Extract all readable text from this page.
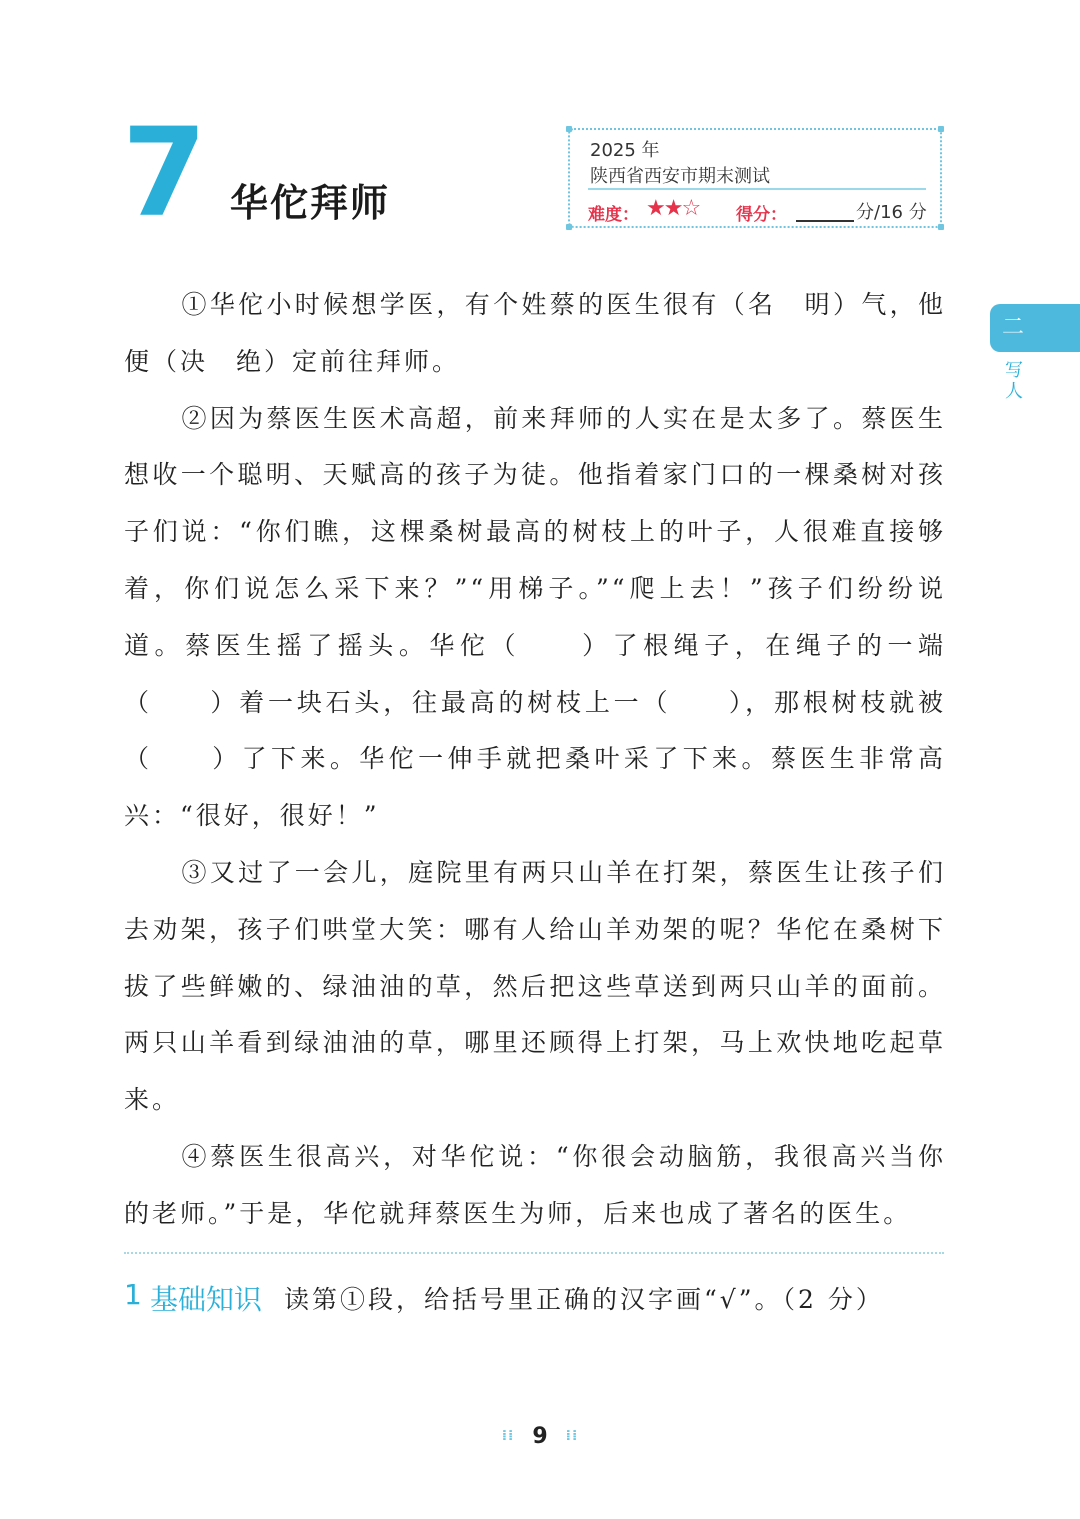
7 华佗拜师
2025 年
陕西省西安市期末测试
难度： ★★☆ 得分：	分/16 分
二
写人

①华佗小时候想学医，有个姓蔡的医生很有（名　明）气，他便（决　绝）定前往拜师。

②因为蔡医生医术高超，前来拜师的人实在是太多了。蔡医生想收一个聪明、天赋高的孩子为徒。他指着家门口的一棵桑树对孩子们说：“你们瞧，这棵桑树最高的树枝上的叶子，人很难直接够着，你们说怎么采下来？”“用梯子。”“爬上去！”孩子们纷纷说道。蔡医生摇了摇头。华佗（　　）了根绳子，在绳子的一端（　　）着一块石头，往最高的树枝上一（　　），那根树枝就被（　　）了下来。华佗一伸手就把桑叶采了下来。蔡医生非常高兴：“很好，很好！”

③又过了一会儿，庭院里有两只山羊在打架，蔡医生让孩子们去劝架，孩子们哄堂大笑：哪有人给山羊劝架的呢？华佗在桑树下拔了些鲜嫩的、绿油油的草，然后把这些草送到两只山羊的面前。两只山羊看到绿油油的草，哪里还顾得上打架，马上欢快地吃起草来。

④蔡医生很高兴，对华佗说：“你很会动脑筋，我很高兴当你的老师。”于是，华佗就拜蔡医生为师，后来也成了著名的医生。

1 基础知识 读第①段，给括号里正确的汉字画“√”。（2 分）
⁞⁞ 9 ⁞⁞
